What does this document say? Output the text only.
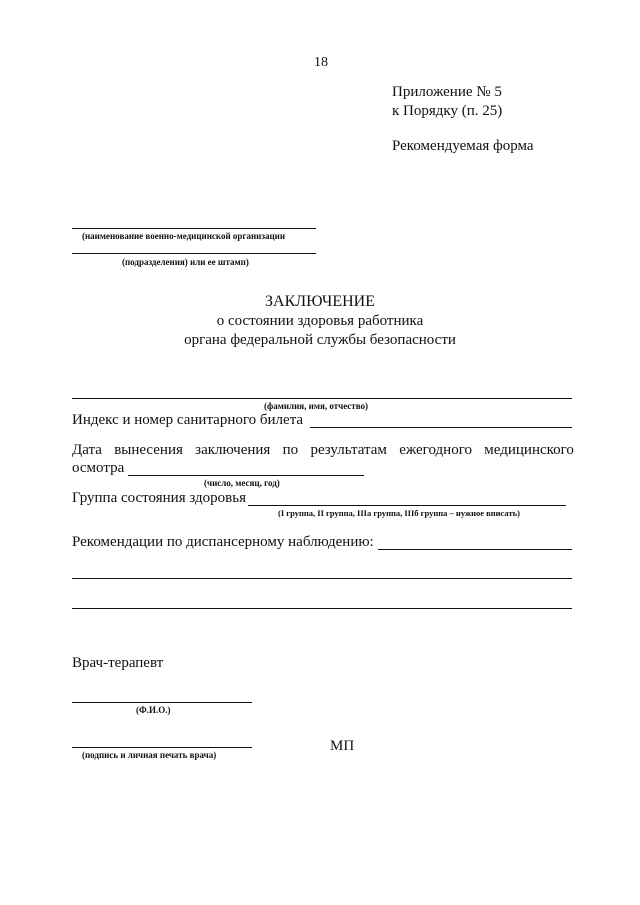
18
Приложение № 5
к Порядку (п. 25)
Рекомендуемая форма
(наименование военно-медицинской организации
(подразделения) или ее штамп)
ЗАКЛЮЧЕНИЕ
о состоянии здоровья работника
органа федеральной службы безопасности
(фамилия, имя, отчество)
Индекс и номер санитарного билета
Дата вынесения заключения по результатам ежегодного медицинского
осмотра
(число, месяц, год)
Группа состояния здоровья
(I группа, II группа, IIIа группа, IIIб группа – нужное вписать)
Рекомендации по диспансерному наблюдению:
Врач-терапевт
(Ф.И.О.)
(подпись и личная печать врача)
МП
